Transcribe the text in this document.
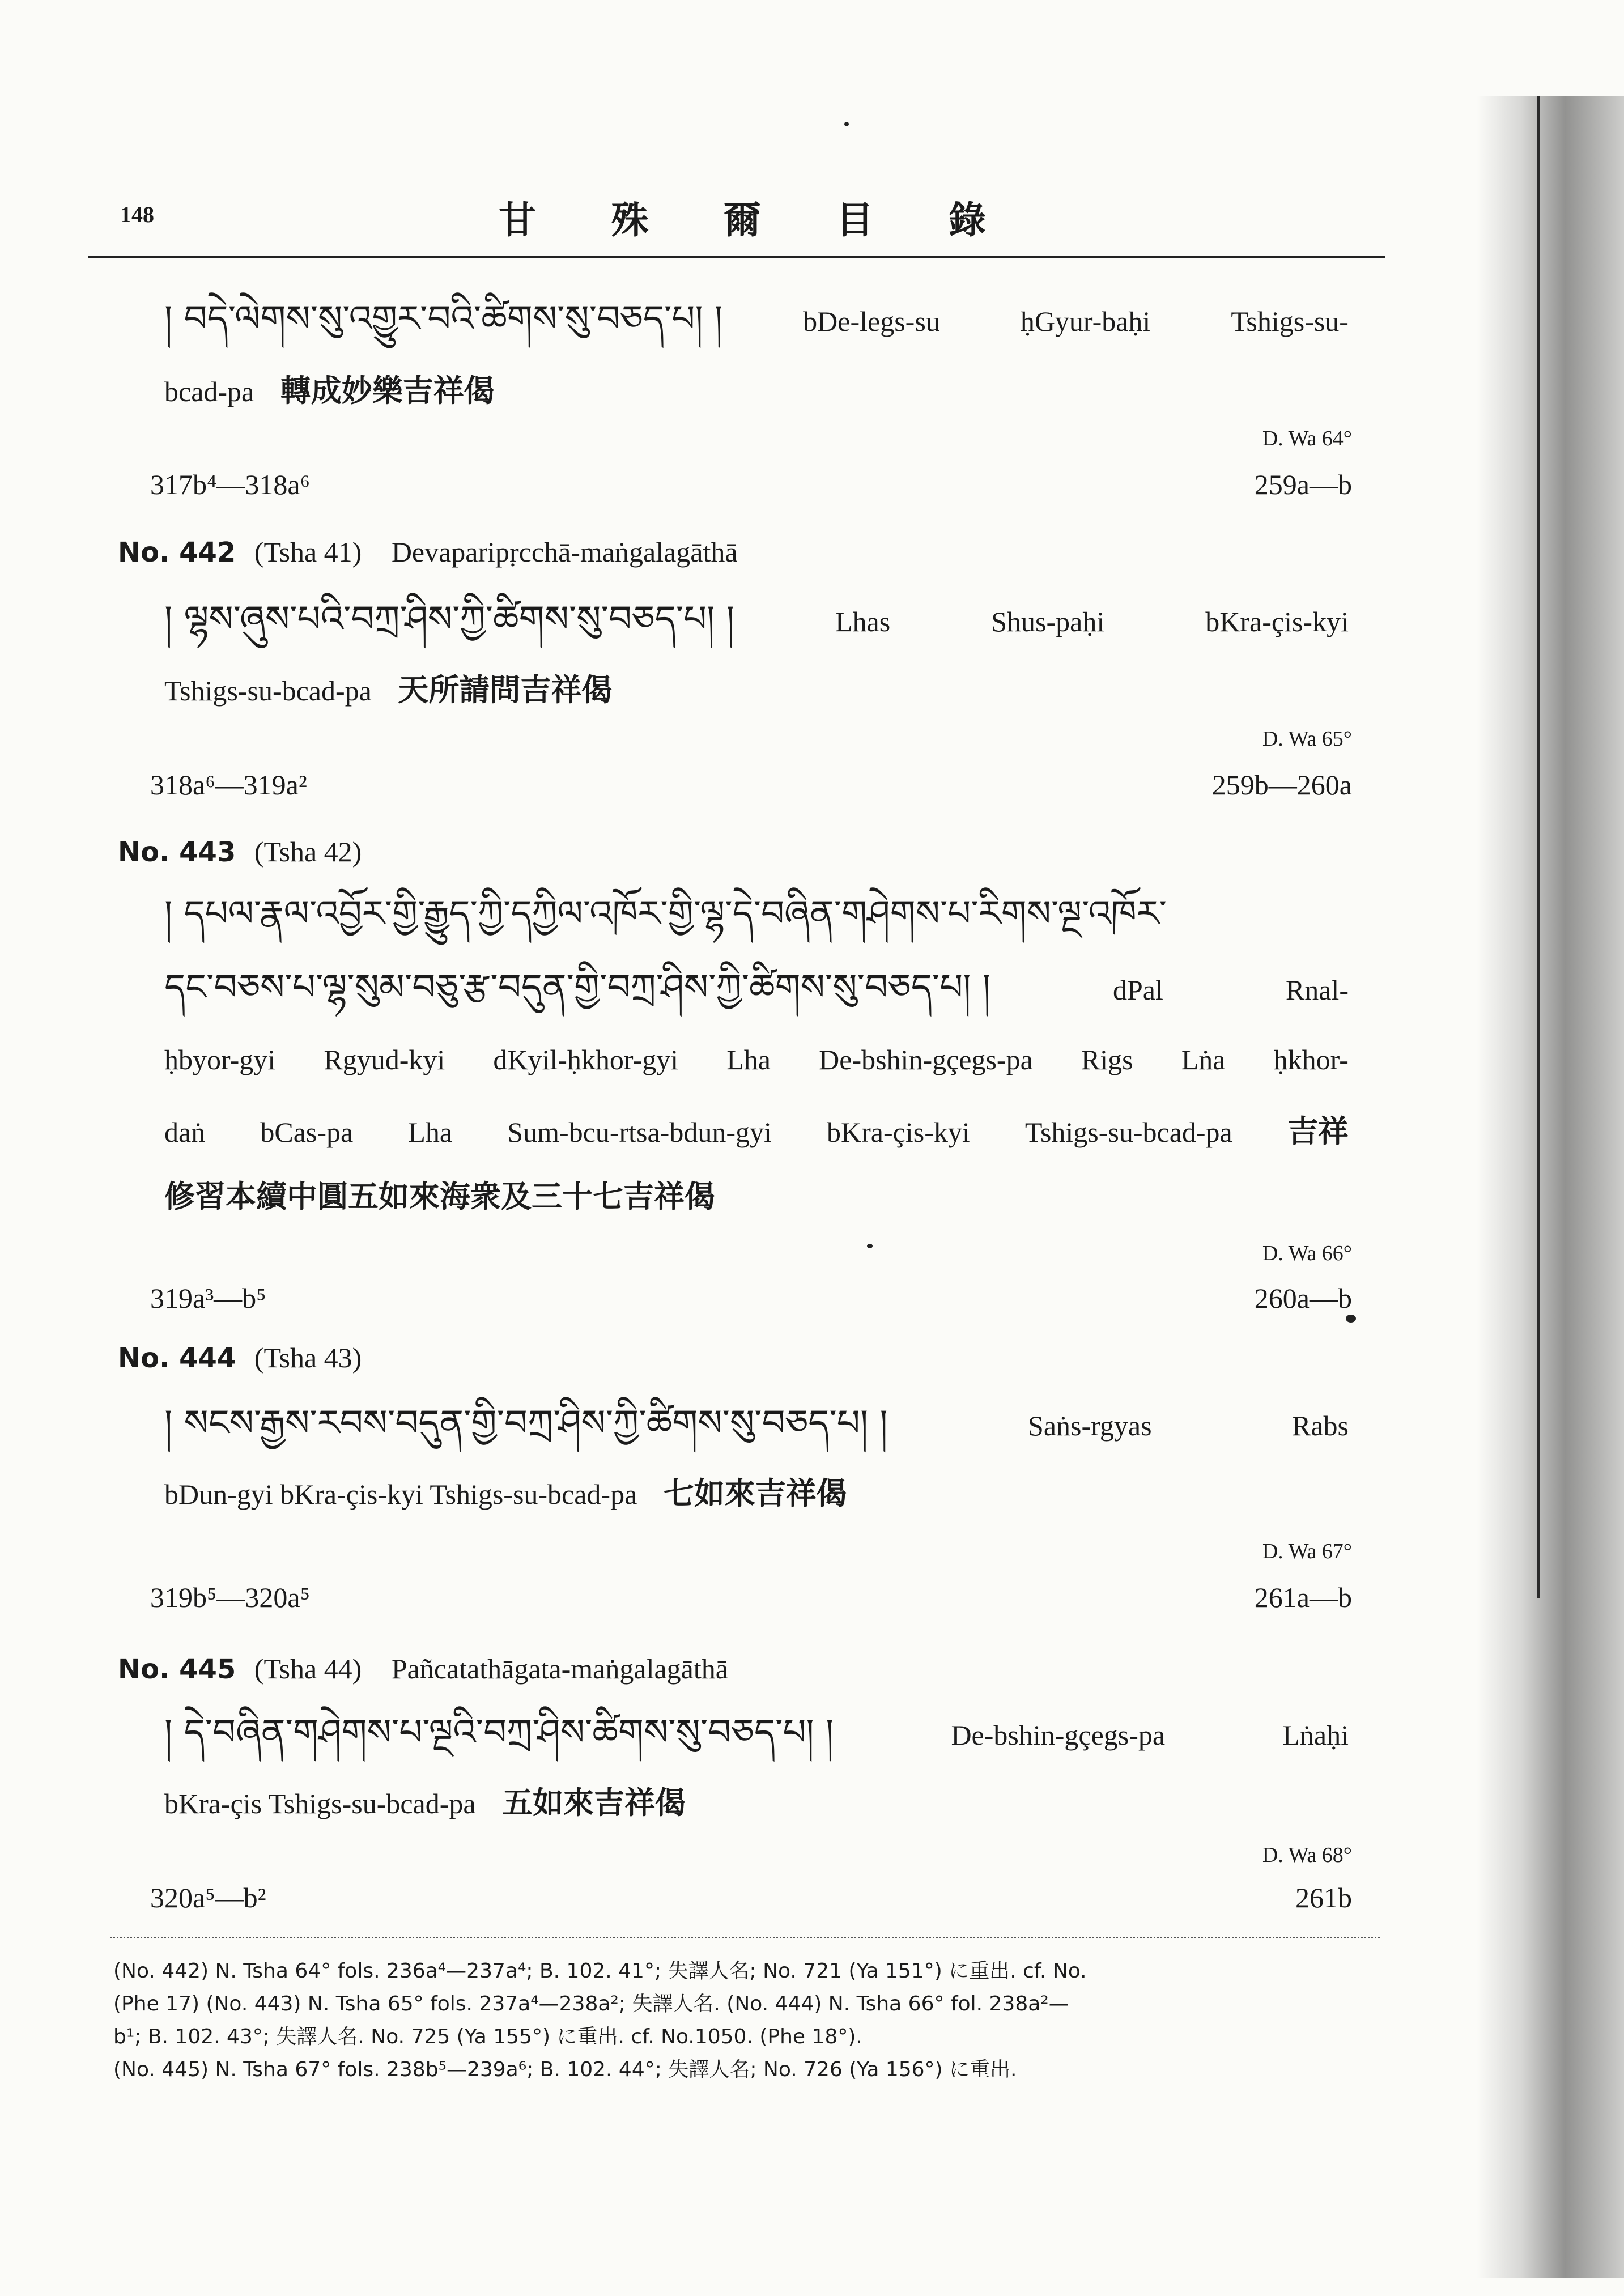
148	甘 殊 爾 目 錄
། བདེ་ལེགས་སུ་འགྱུར་བའི་ཚིགས་སུ་བཅད་པ། །	bDe-legs-su	ḥGyur-baḥi	Tshigs-su-
bcad-pa 轉成妙樂吉祥偈
D. Wa 64°
317b⁴—318a⁶	259a—b
No. 442 (Tsha 41) Devaparipṛcchā-maṅgalagāthā
། ལྷས་ཞུས་པའི་བཀྲ་ཤིས་ཀྱི་ཚིགས་སུ་བཅད་པ། །	Lhas	Shus-paḥi	bKra-çis-kyi
Tshigs-su-bcad-pa 天所請問吉祥偈
D. Wa 65°
318a⁶—319a²	259b—260a
No. 443 (Tsha 42)
། དཔལ་རྣལ་འབྱོར་གྱི་རྒྱུད་ཀྱི་དཀྱིལ་འཁོར་གྱི་ལྷ་དེ་བཞིན་གཤེགས་པ་རིགས་ལྔ་འཁོར་
དང་བཅས་པ་ལྷ་སུམ་བཅུ་རྩ་བདུན་གྱི་བཀྲ་ཤིས་ཀྱི་ཚིགས་སུ་བཅད་པ། །	dPal	Rnal-
ḥbyor-gyi Rgyud-kyi dKyil-ḥkhor-gyi Lha De-bshin-gçegs-pa Rigs Lṅa ḥkhor-
daṅ bCas-pa Lha Sum-bcu-rtsa-bdun-gyi bKra-çis-kyi Tshigs-su-bcad-pa 吉祥
修習本續中圓五如來海衆及三十七吉祥偈
D. Wa 66°
319a³—b⁵	260a—b
No. 444 (Tsha 43)
། སངས་རྒྱས་རབས་བདུན་གྱི་བཀྲ་ཤིས་ཀྱི་ཚིགས་སུ་བཅད་པ། །	Saṅs-rgyas	Rabs
bDun-gyi bKra-çis-kyi Tshigs-su-bcad-pa 七如來吉祥偈
D. Wa 67°
319b⁵—320a⁵	261a—b
No. 445 (Tsha 44) Pañcatathāgata-maṅgalagāthā
། དེ་བཞིན་གཤེགས་པ་ལྔའི་བཀྲ་ཤིས་ཚིགས་སུ་བཅད་པ། །	De-bshin-gçegs-pa	Lṅaḥi
bKra-çis Tshigs-su-bcad-pa 五如來吉祥偈
D. Wa 68°
320a⁵—b²	261b
(No. 442) N. Tsha 64° fols. 236a⁴—237a⁴; B. 102. 41°; 失譯人名; No. 721 (Ya 151°) に重出. cf. No.
(Phe 17) (No. 443) N. Tsha 65° fols. 237a⁴—238a²; 失譯人名. (No. 444) N. Tsha 66° fol. 238a²—
b¹; B. 102. 43°; 失譯人名. No. 725 (Ya 155°) に重出. cf. No.1050. (Phe 18°).
(No. 445) N. Tsha 67° fols. 238b⁵—239a⁶; B. 102. 44°; 失譯人名; No. 726 (Ya 156°) に重出.
